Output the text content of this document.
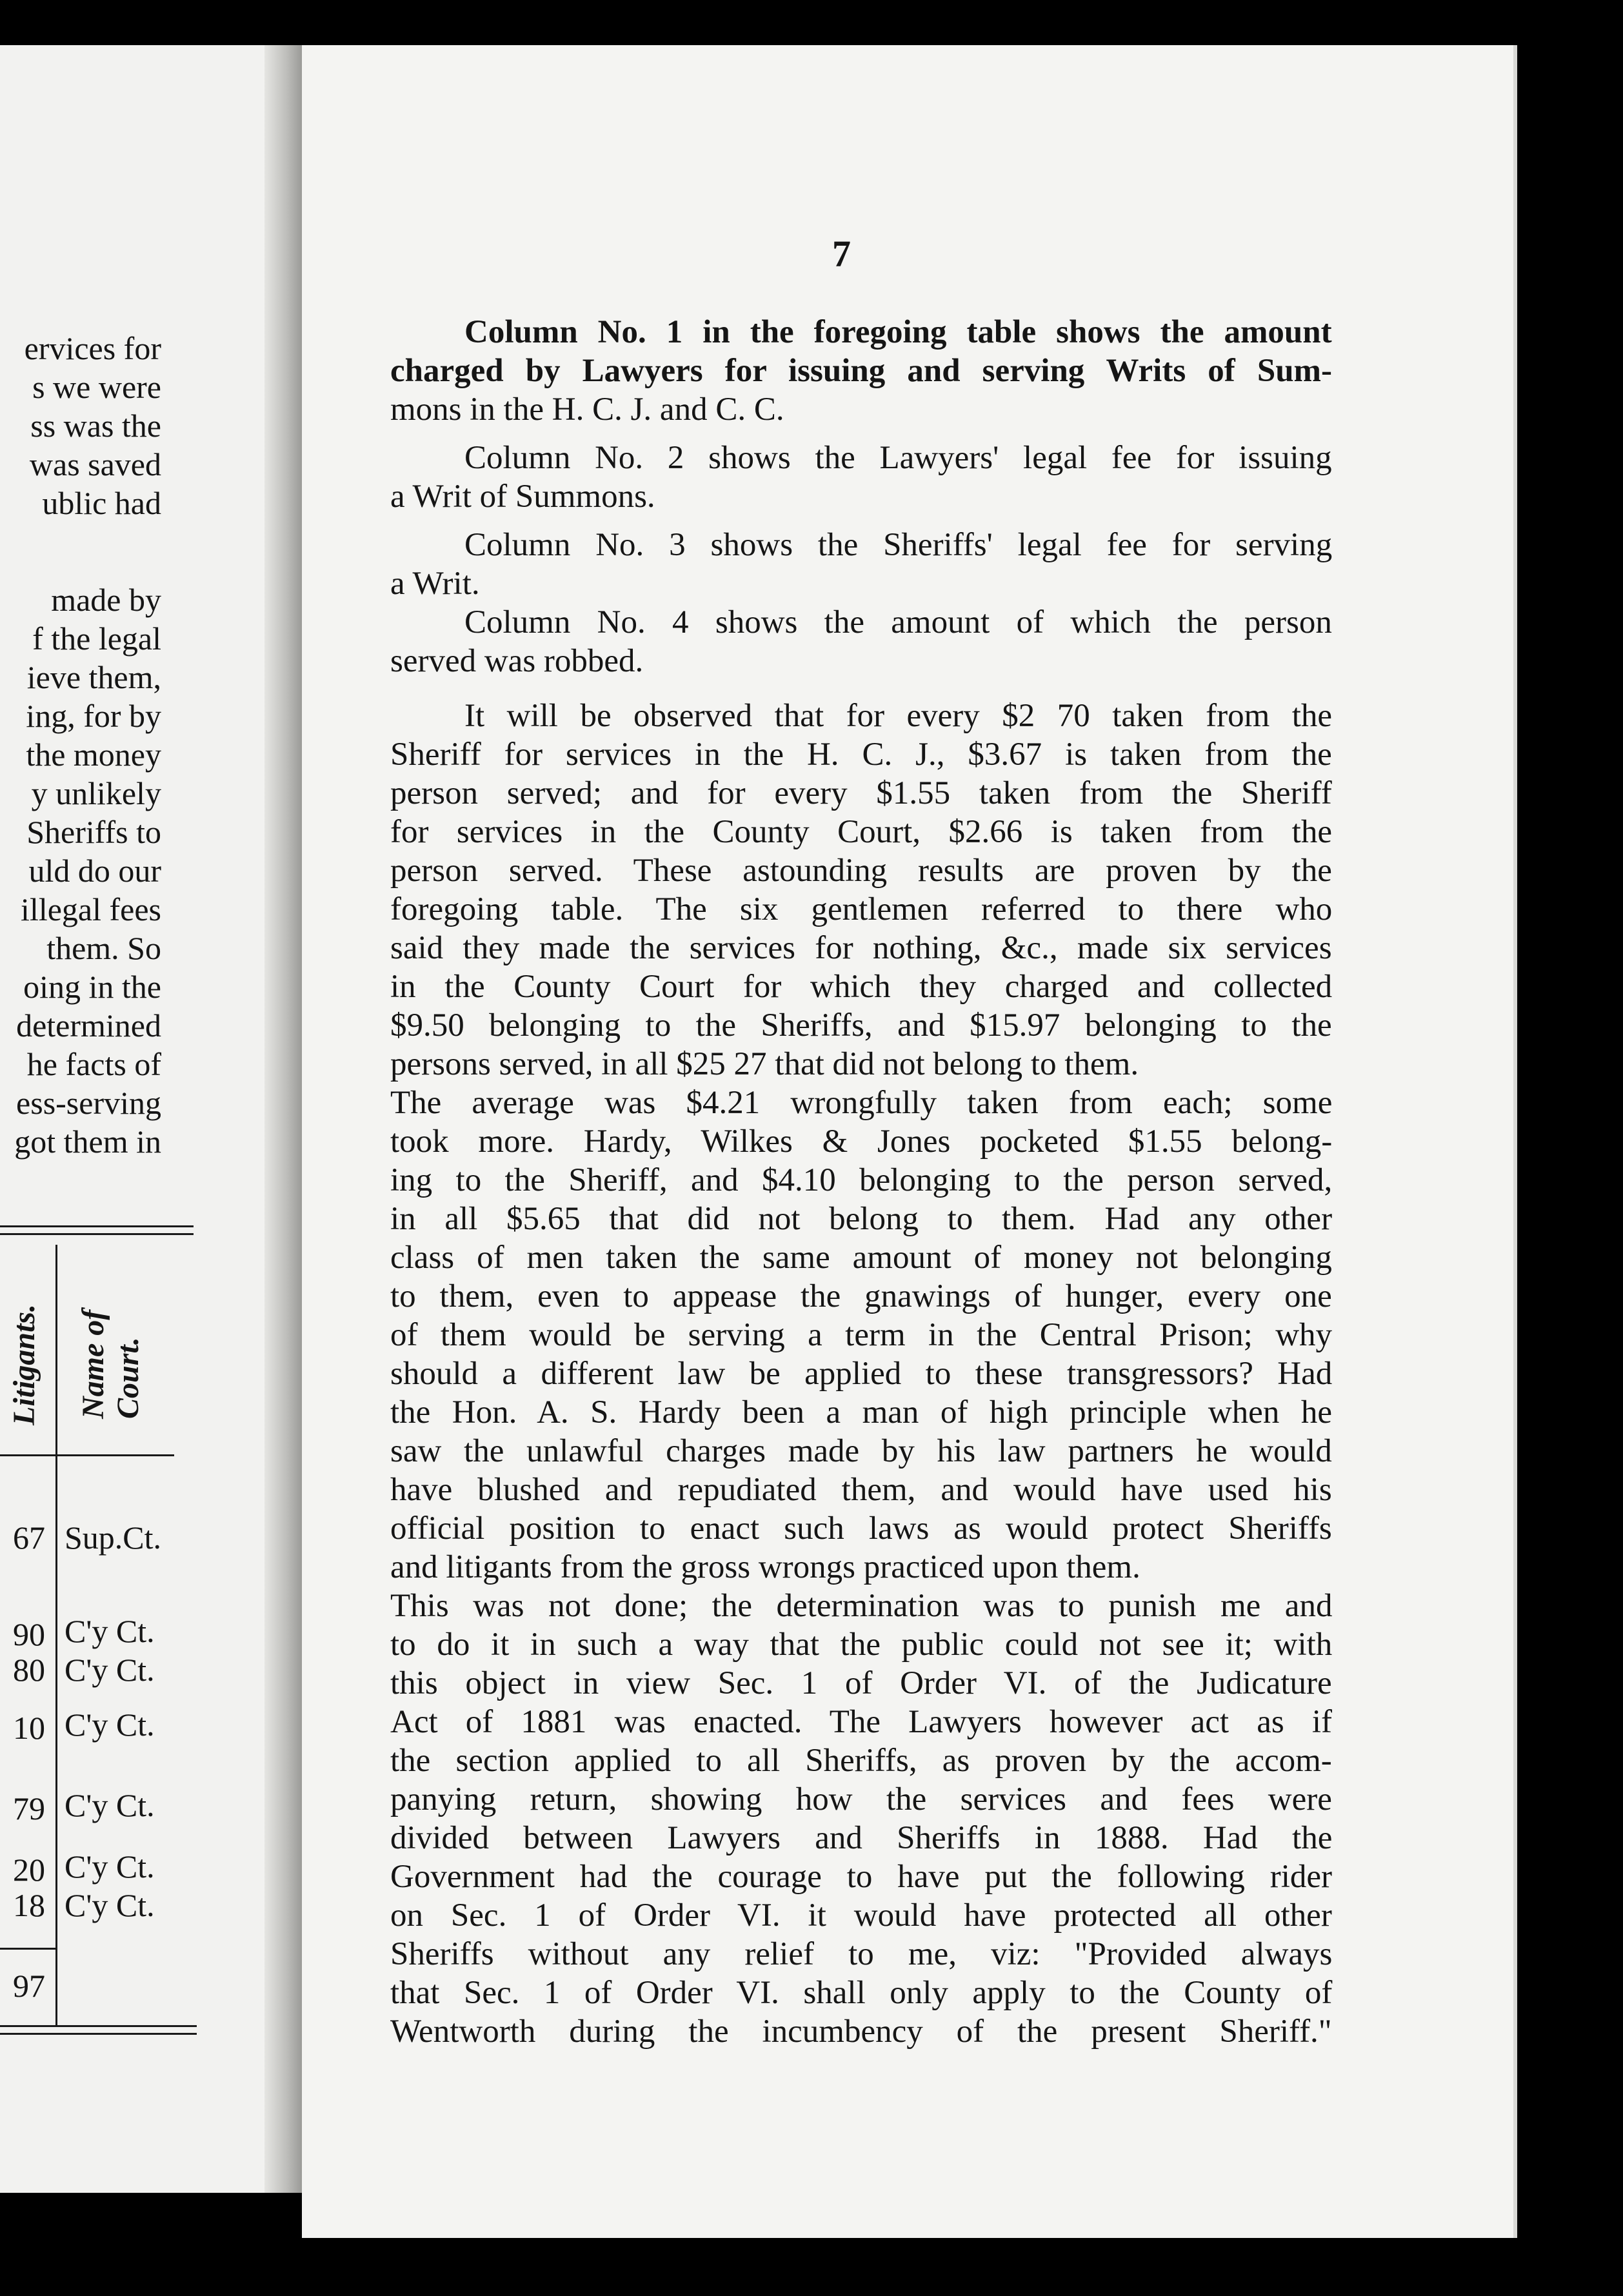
7
ervices for
s we were
ss was the
was saved
ublic had
made by
f the legal
ieve them,
ing, for by
the money
y unlikely
Sheriffs to
uld do our
illegal fees
them. So
oing in the
determined
he facts of
ess-serving
got them in
Litigants. Name of Court.
67 Sup.Ct.
90 C'y Ct.
80 C'y Ct.
10 C'y Ct.
79 C'y Ct.
20 C'y Ct.
18 C'y Ct.
97
Column No. 1 in the foregoing table shows the amount
charged by Lawyers for issuing and serving Writs of Sum-
mons in the H. C. J. and C. C.
Column No. 2 shows the Lawyers' legal fee for issuing
a Writ of Summons.
Column No. 3 shows the Sheriffs' legal fee for serving
a Writ.
Column No. 4 shows the amount of which the person
served was robbed.
It will be observed that for every $2 70 taken from the
Sheriff for services in the H. C. J., $3.67 is taken from the
person served; and for every $1.55 taken from the Sheriff
for services in the County Court, $2.66 is taken from the
person served. These astounding results are proven by the
foregoing table. The six gentlemen referred to there who
said they made the services for nothing, &c., made six services
in the County Court for which they charged and collected
$9.50 belonging to the Sheriffs, and $15.97 belonging to the
persons served, in all $25 27 that did not belong to them.
The average was $4.21 wrongfully taken from each; some
took more. Hardy, Wilkes & Jones pocketed $1.55 belong-
ing to the Sheriff, and $4.10 belonging to the person served,
in all $5.65 that did not belong to them. Had any other
class of men taken the same amount of money not belonging
to them, even to appease the gnawings of hunger, every one
of them would be serving a term in the Central Prison; why
should a different law be applied to these transgressors? Had
the Hon. A. S. Hardy been a man of high principle when he
saw the unlawful charges made by his law partners he would
have blushed and repudiated them, and would have used his
official position to enact such laws as would protect Sheriffs
and litigants from the gross wrongs practiced upon them.
This was not done; the determination was to punish me and
to do it in such a way that the public could not see it; with
this object in view Sec. 1 of Order VI. of the Judicature
Act of 1881 was enacted. The Lawyers however act as if
the section applied to all Sheriffs, as proven by the accom-
panying return, showing how the services and fees were
divided between Lawyers and Sheriffs in 1888. Had the
Government had the courage to have put the following rider
on Sec. 1 of Order VI. it would have protected all other
Sheriffs without any relief to me, viz: "Provided always
that Sec. 1 of Order VI. shall only apply to the County of
Wentworth during the incumbency of the present Sheriff."
